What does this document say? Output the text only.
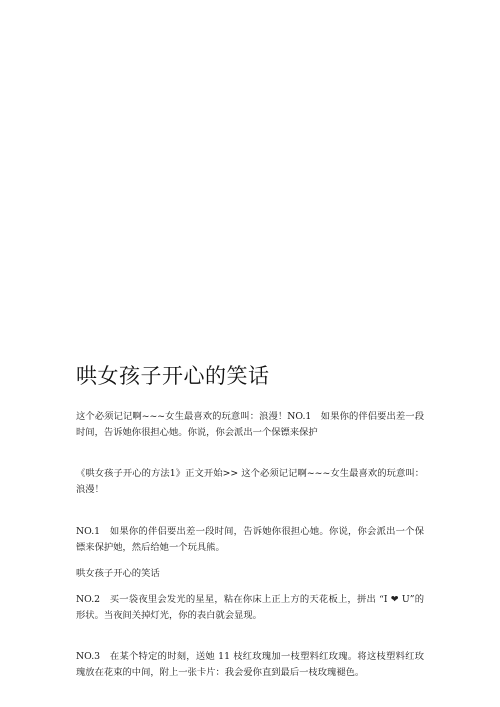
哄女孩子开心的笑话

这个必须记记啊~~~女生最喜欢的玩意叫：浪漫！NO.1　如果你的伴侣要出差一段时间，告诉她你很担心她。你说，你会派出一个保镖来保护

《哄女孩子开心的方法1》正文开始>> 这个必须记记啊~~~女生最喜欢的玩意叫：浪漫！

NO.1　如果你的伴侣要出差一段时间，告诉她你很担心她。你说，你会派出一个保镖来保护她，然后给她一个玩具熊。

哄女孩子开心的笑话

NO.2　买一袋夜里会发光的星星，粘在你床上正上方的天花板上，拼出 “I ❤ U”的形状。当夜间关掉灯光，你的表白就会显现。

NO.3　在某个特定的时刻，送她 11 枝红玫瑰加一枝塑料红玫瑰。将这枝塑料红玫瑰放在花束的中间，附上一张卡片：我会爱你直到最后一枝玫瑰褪色。
